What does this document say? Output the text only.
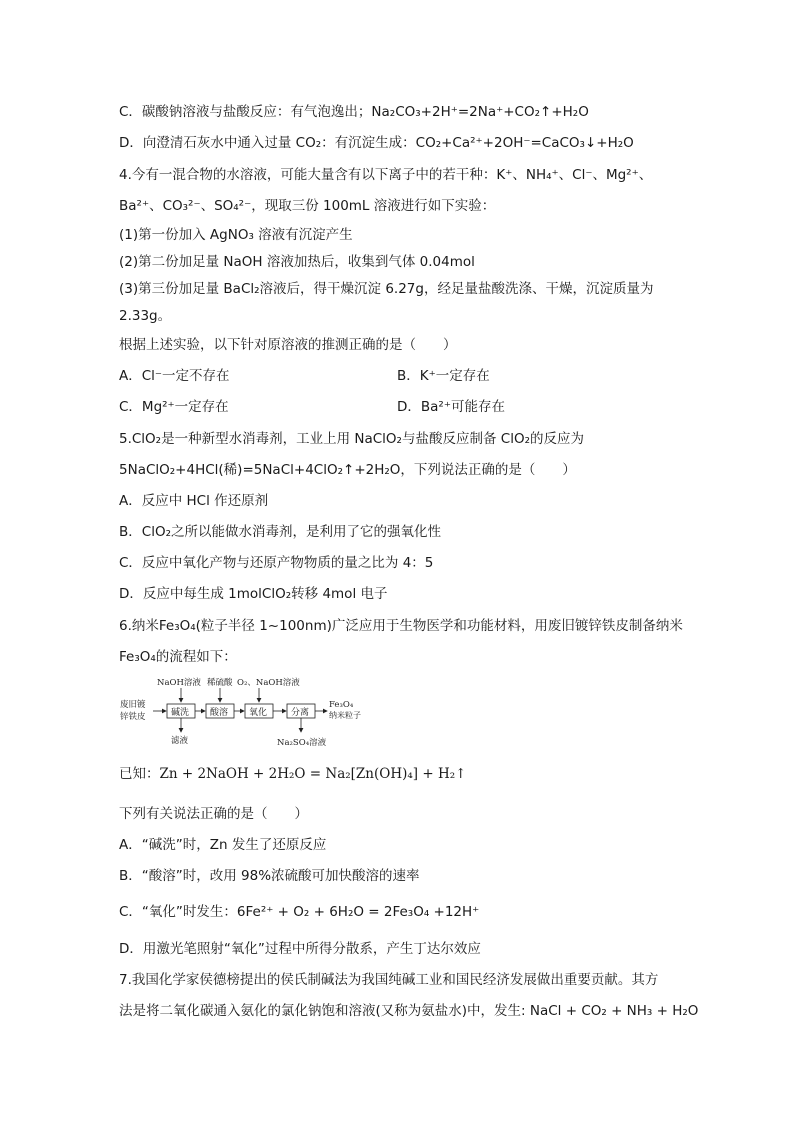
C．碳酸钠溶液与盐酸反应：有气泡逸出；Na₂CO₃+2H⁺=2Na⁺+CO₂↑+H₂O
D．向澄清石灰水中通入过量 CO₂：有沉淀生成：CO₂+Ca²⁺+2OH⁻=CaCO₃↓+H₂O
4.今有一混合物的水溶液，可能大量含有以下离子中的若干种：K⁺、NH₄⁺、Cl⁻、Mg²⁺、
Ba²⁺、CO₃²⁻、SO₄²⁻，现取三份 100mL 溶液进行如下实验：
(1)第一份加入 AgNO₃ 溶液有沉淀产生
(2)第二份加足量 NaOH 溶液加热后，收集到气体 0.04mol
(3)第三份加足量 BaCl₂溶液后，得干燥沉淀 6.27g，经足量盐酸洗涤、干燥，沉淀质量为
2.33g。
根据上述实验，以下针对原溶液的推测正确的是（　　）
A．Cl⁻一定不存在	B．K⁺一定存在
C．Mg²⁺一定存在	D．Ba²⁺可能存在
5.ClO₂是一种新型水消毒剂，工业上用 NaClO₂与盐酸反应制备 ClO₂的反应为
5NaClO₂+4HCl(稀)=5NaCl+4ClO₂↑+2H₂O，下列说法正确的是（　　）
A．反应中 HCl 作还原剂
B．ClO₂之所以能做水消毒剂，是利用了它的强氧化性
C．反应中氧化产物与还原产物物质的量之比为 4：5
D．反应中每生成 1molClO₂转移 4mol 电子
6.纳米Fe₃O₄(粒子半径 1~100nm)广泛应用于生物医学和功能材料，用废旧镀锌铁皮制备纳米
Fe₃O₄的流程如下：
NaOH溶液 稀硫酸 O₂、NaOH溶液
废旧镀
锌铁皮	碱洗 酸溶 氧化	分离
Fe₃O₄
纳米粒子
滤液	Na₂SO₄溶液
已知：Zn + 2NaOH + 2H₂O = Na₂[Zn(OH)₄] + H₂↑
下列有关说法正确的是（　　）
A．“碱洗”时，Zn 发生了还原反应
B．“酸溶”时，改用 98%浓硫酸可加快酸溶的速率
C．“氧化”时发生：6Fe²⁺ + O₂ + 6H₂O = 2Fe₃O₄ +12H⁺
D．用激光笔照射“氧化”过程中所得分散系，产生丁达尔效应
7.我国化学家侯德榜提出的侯氏制碱法为我国纯碱工业和国民经济发展做出重要贡献。其方
法是将二氧化碳通入氨化的氯化钠饱和溶液(又称为氨盐水)中，发生: NaCl + CO₂ + NH₃ + H₂O
